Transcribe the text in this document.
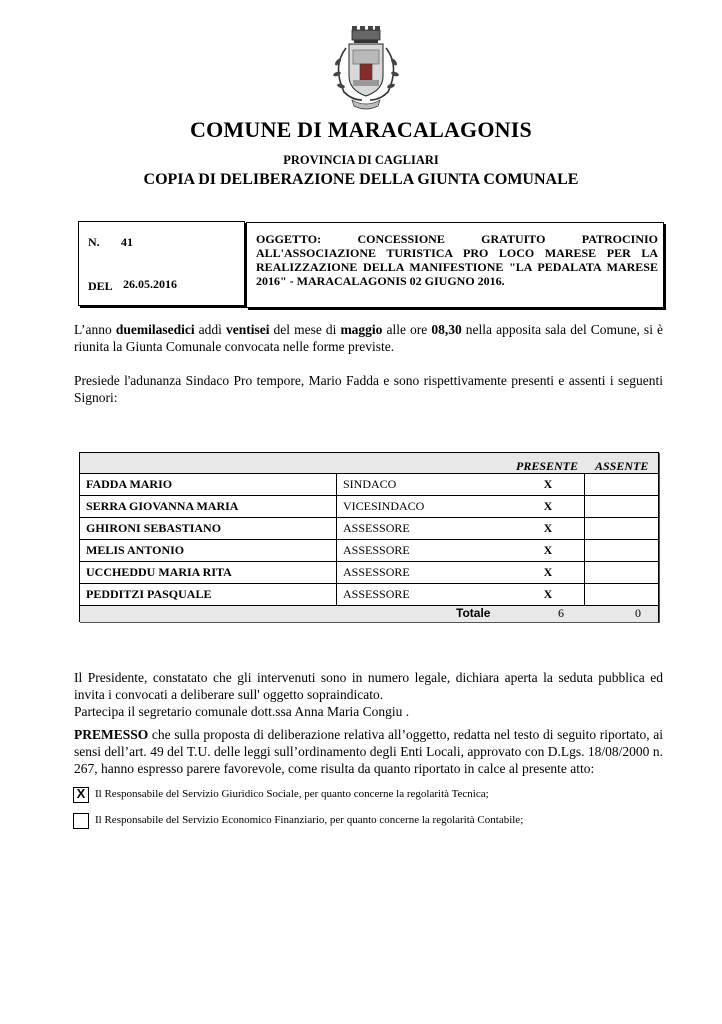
COMUNE DI MARACALAGONIS
PROVINCIA DI CAGLIARI
COPIA DI DELIBERAZIONE DELLA GIUNTA COMUNALE
N. 41
DEL 26.05.2016
OGGETTO: CONCESSIONE GRATUITO PATROCINIO ALL'ASSOCIAZIONE TURISTICA PRO LOCO MARESE PER LA REALIZZAZIONE DELLA MANIFESTIONE "LA PEDALATA MARESE 2016" - MARACALAGONIS 02 GIUGNO 2016.
L’anno duemilasedici addì ventisei del mese di maggio alle ore 08,30 nella apposita sala del Comune, si è riunita la Giunta Comunale convocata nelle forme previste.
Presiede l'adunanza Sindaco Pro tempore, Mario Fadda e sono rispettivamente presenti e assenti i seguenti Signori:
PRESENTE ASSENTE
FADDA MARIO	SINDACO	X
SERRA GIOVANNA MARIA	VICESINDACO	X
GHIRONI SEBASTIANO	ASSESSORE	X
MELIS ANTONIO	ASSESSORE	X
UCCHEDDU MARIA RITA	ASSESSORE	X
PEDDITZI PASQUALE	ASSESSORE	X
Totale	6	0
Il Presidente, constatato che gli intervenuti sono in numero legale, dichiara aperta la seduta pubblica ed invita i convocati a deliberare sull' oggetto sopraindicato.
Partecipa il segretario comunale dott.ssa Anna Maria Congiu .
PREMESSO che sulla proposta di deliberazione relativa all’oggetto, redatta nel testo di seguito riportato, ai sensi dell’art. 49 del T.U. delle leggi sull’ordinamento degli Enti Locali, approvato con D.Lgs. 18/08/2000 n. 267, hanno espresso parere favorevole, come risulta da quanto riportato in calce al presente atto:
X Il Responsabile del Servizio Giuridico Sociale, per quanto concerne la regolarità Tecnica;
Il Responsabile del Servizio Economico Finanziario, per quanto concerne la regolarità Contabile;
